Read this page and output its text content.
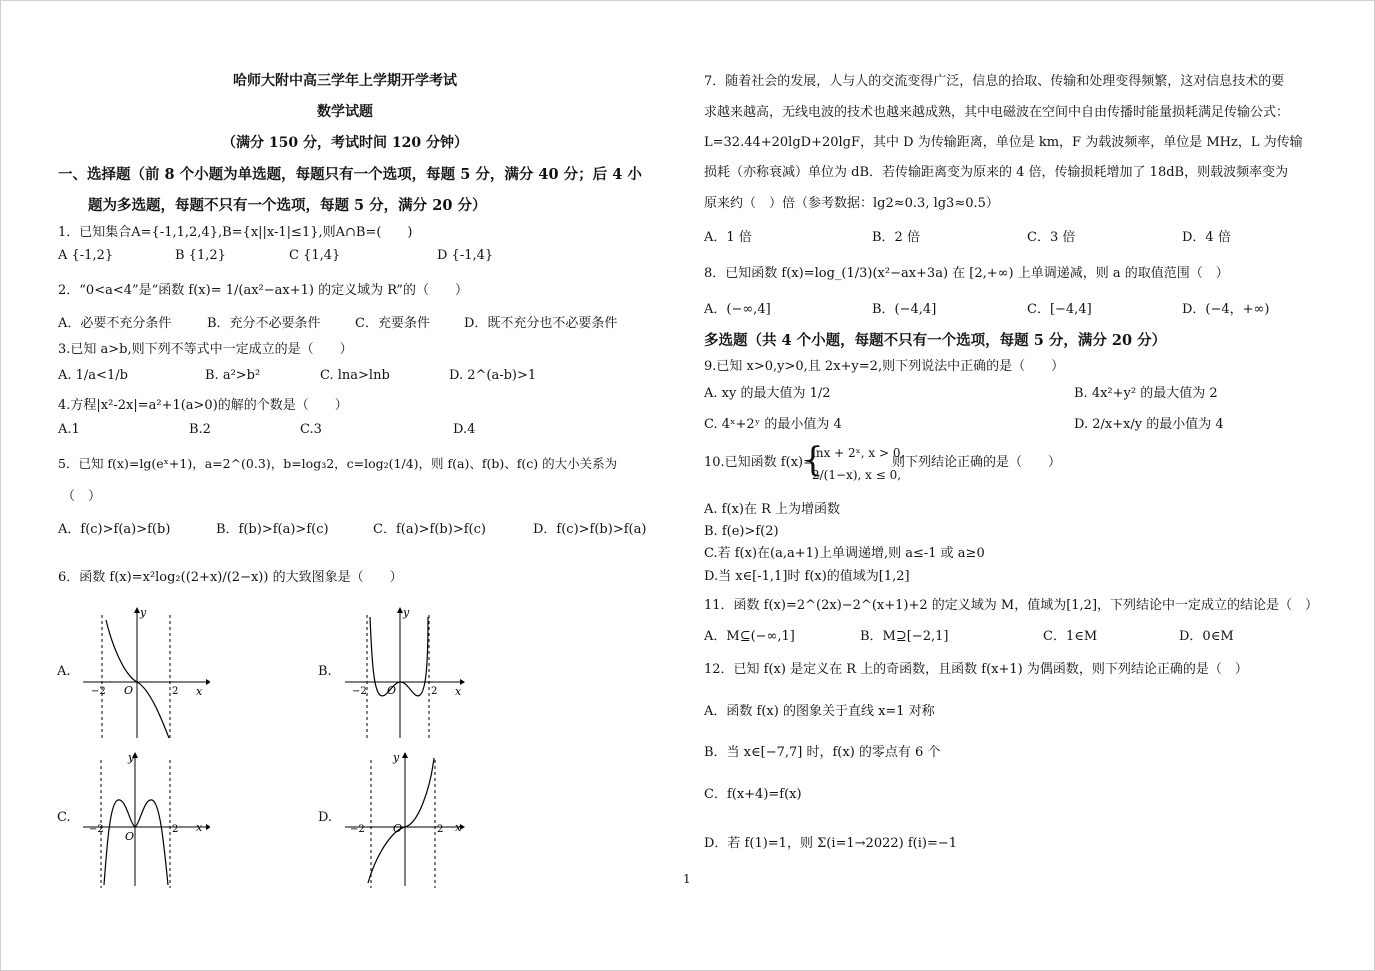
哈师大附中高三学年上学期开学考试
数学试题
（满分 150 分，考试时间 120 分钟）
一、选择题（前 8 个小题为单选题，每题只有一个选项，每题 5 分，满分 40 分；后 4 小
题为多选题，每题不只有一个选项，每题 5 分，满分 20 分）
1．已知集合A={-1,1,2,4},B={x||x-1|≤1},则A∩B=(　　)
A {-1,2}	B {1,2}	C {1,4}	D {-1,4}
2．“0<a<4”是“函数 f(x)= 1/(ax²−ax+1) 的定义域为 R”的（　　）
A．必要不充分条件	B．充分不必要条件	C．充要条件	D．既不充分也不必要条件
3.已知 a>b,则下列不等式中一定成立的是（　　）
A. 1/a<1/b	B. a²>b²	C. lna>lnb	D. 2^(a-b)>1
4.方程|x²-2x|=a²+1(a>0)的解的个数是（　　）
A.1	B.2	C.3	D.4
5．已知 f(x)=lg(eˣ+1)，a=2^(0.3)，b=log₃2，c=log₂(1/4)，则 f(a)、f(b)、f(c) 的大小关系为
（　）
A．f(c)>f(a)>f(b)	B．f(b)>f(a)>f(c)	C．f(a)>f(b)>f(c)	D．f(c)>f(b)>f(a)
6．函数 f(x)=x²log₂((2+x)/(2−x)) 的大致图象是（　　）
A.	B.
C.	D.
y
x
O
−2	2
y
x
O
−2	2
y
x
O
−2	2
y
x
O
−2	2
7．随着社会的发展，人与人的交流变得广泛，信息的拾取、传输和处理变得频繁，这对信息技术的要
求越来越高，无线电波的技术也越来越成熟，其中电磁波在空间中自由传播时能量损耗满足传输公式：
L=32.44+20lgD+20lgF，其中 D 为传输距离，单位是 km，F 为载波频率，单位是 MHz，L 为传输
损耗（亦称衰减）单位为 dB．若传输距离变为原来的 4 倍，传输损耗增加了 18dB，则载波频率变为
原来约（　）倍（参考数据：lg2≈0.3, lg3≈0.5）
A．1 倍	B．2 倍	C．3 倍	D．4 倍
8．已知函数 f(x)=log_(1/3)(x²−ax+3a) 在 [2,+∞) 上单调递减，则 a 的取值范围（　）
A．(−∞,4]	B．(−4,4]	C．[−4,4]	D．(−4，+∞)
多选题（共 4 个小题，每题不只有一个选项，每题 5 分，满分 20 分）
9.已知 x>0,y>0,且 2x+y=2,则下列说法中正确的是（　　）
A. xy 的最大值为 1/2	B. 4x²+y² 的最大值为 2
C. 4ˣ+2ʸ 的最小值为 4	D. 2/x+x/y 的最小值为 4
10.已知函数 f(x)=
{
lnx + 2ˣ, x > 0,
2/(1−x), x ≤ 0,
则下列结论正确的是（　　）
A. f(x)在 R 上为增函数
B. f(e)>f(2)
C.若 f(x)在(a,a+1)上单调递增,则 a≤-1 或 a≥0
D.当 x∈[-1,1]时 f(x)的值域为[1,2]
11．函数 f(x)=2^(2x)−2^(x+1)+2 的定义域为 M，值域为[1,2]，下列结论中一定成立的结论是（　）
A．M⊆(−∞,1]	B．M⊇[−2,1]	C．1∈M	D．0∈M
12．已知 f(x) 是定义在 R 上的奇函数，且函数 f(x+1) 为偶函数，则下列结论正确的是（　）
A．函数 f(x) 的图象关于直线 x=1 对称
B．当 x∈[−7,7] 时，f(x) 的零点有 6 个
C．f(x+4)=f(x)
D．若 f(1)=1，则 Σ(i=1→2022) f(i)=−1
1
